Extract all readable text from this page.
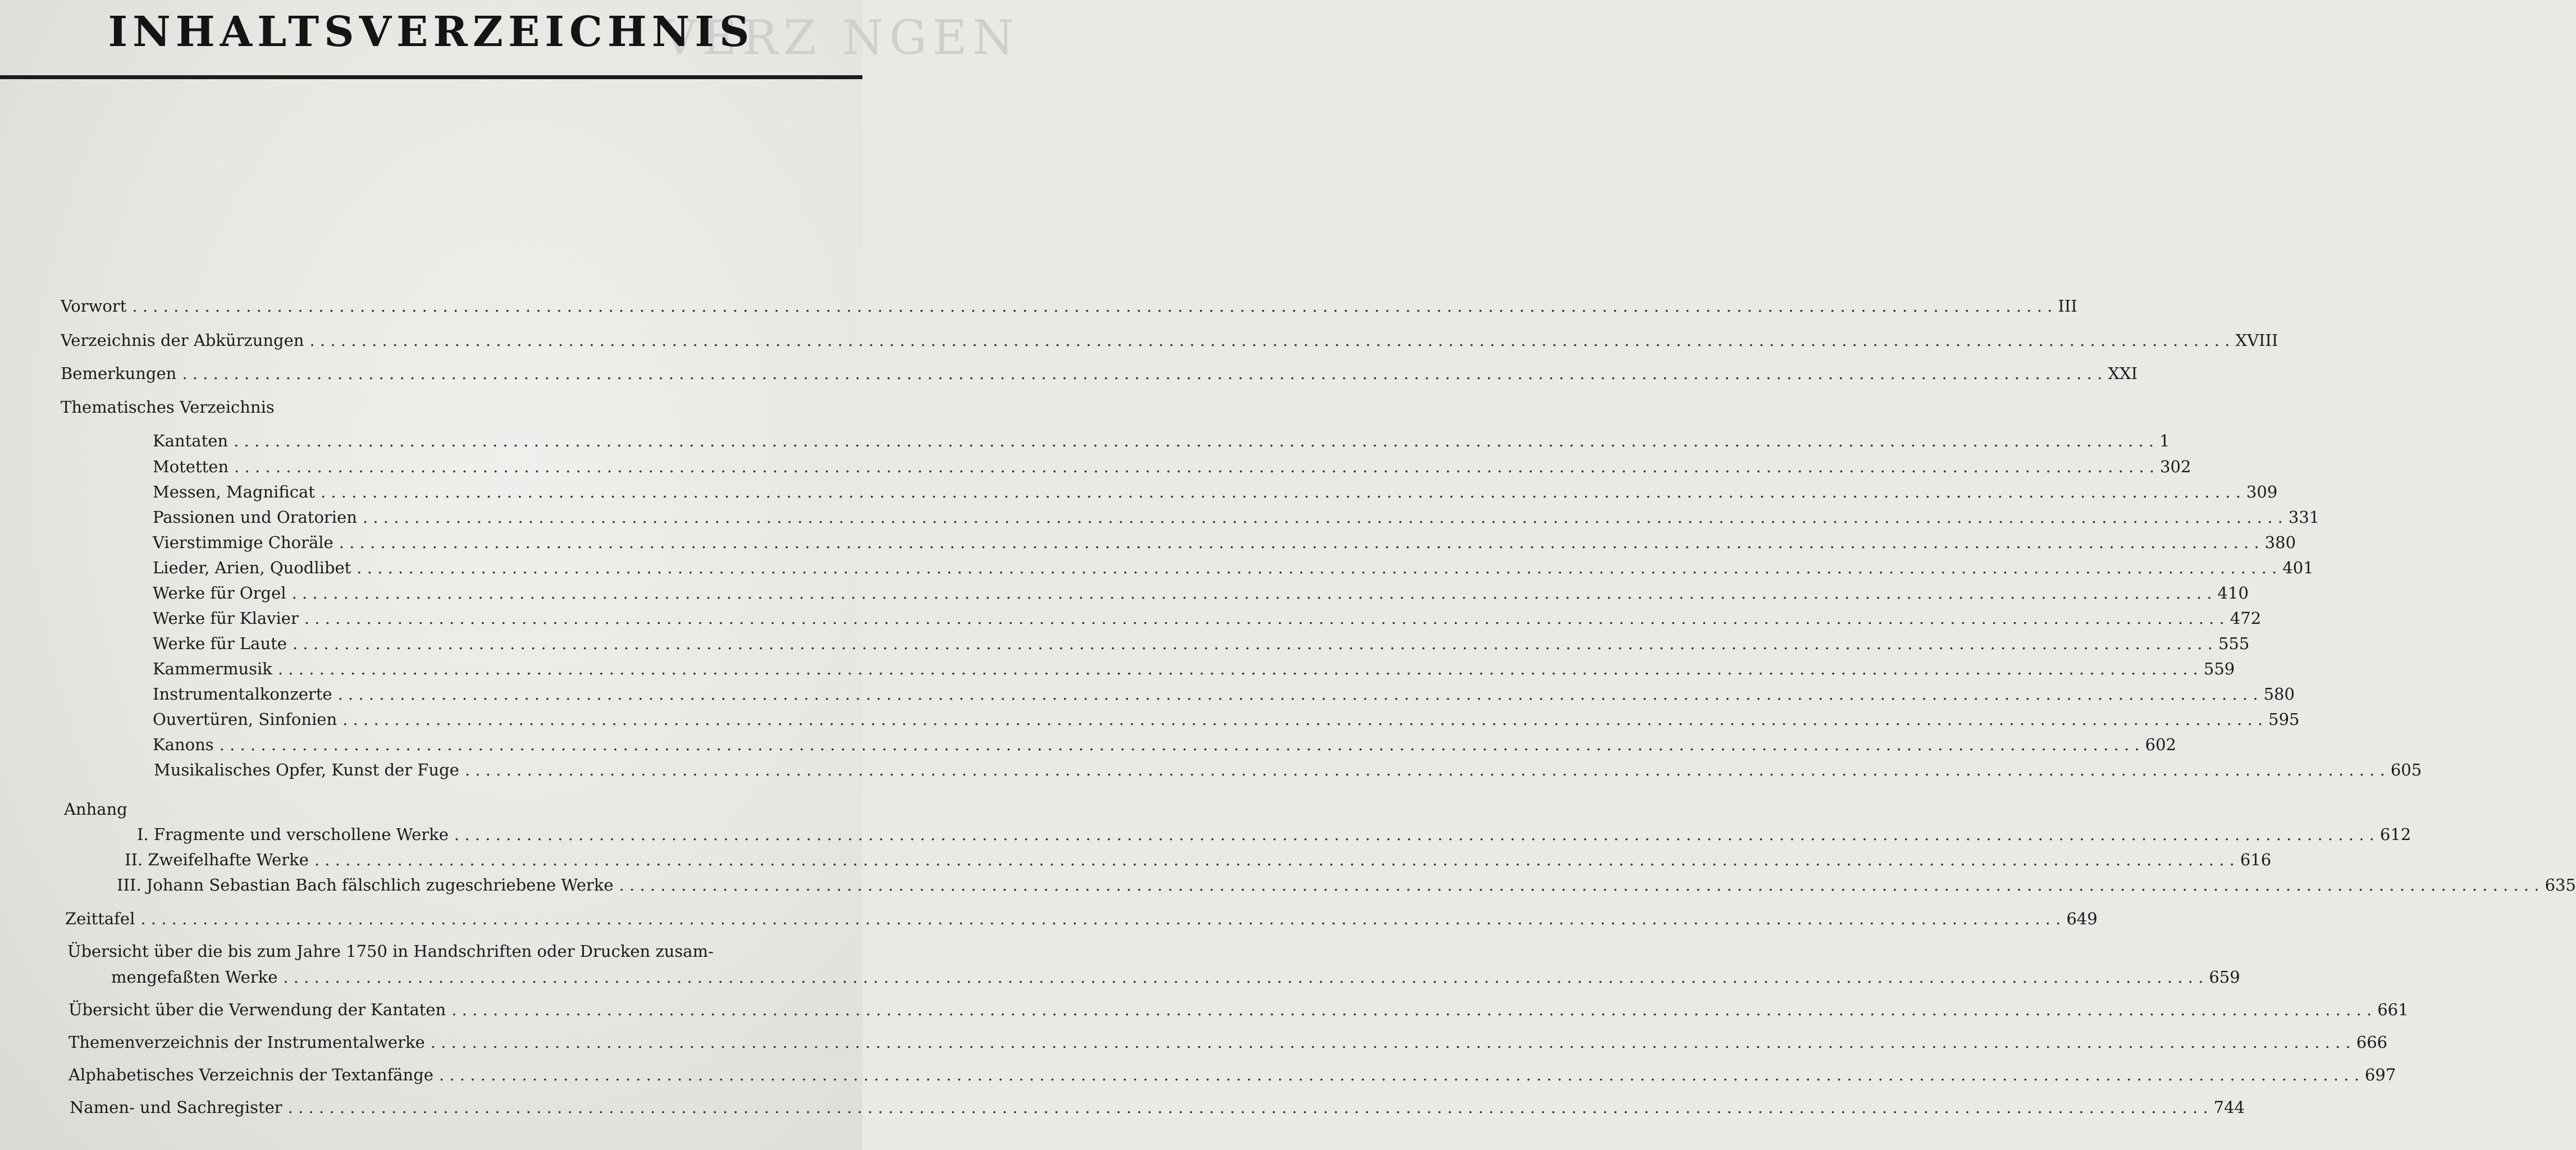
VERZ NGEN
INHALTSVERZEICHNIS
Vorwort . . .	III
Verzeichnis der Abkürzungen . . .	XVIII
Bemerkungen . . .	XXI
Thematisches Verzeichnis
Kantaten . . .	1
Motetten . . .	302
Messen, Magnificat . . .	309
Passionen und Oratorien . . .	331
Vierstimmige Choräle . . .	380
Lieder, Arien, Quodlibet . . .	401
Werke für Orgel . . .	410
Werke für Klavier . . .	472
Werke für Laute . . .	555
Kammermusik . . .	559
Instrumentalkonzerte . . .	580
Ouvertüren, Sinfonien . . .	595
Kanons . . .	602
Musikalisches Opfer, Kunst der Fuge . . .	605
Anhang
I. Fragmente und verschollene Werke . . .	612
II. Zweifelhafte Werke . . .	616
III. Johann Sebastian Bach fälschlich zugeschriebene Werke . . .	635
Zeittafel . . .	649
Übersicht über die bis zum Jahre 1750 in Handschriften oder Drucken zusam-
mengefaßten Werke . . .	659
Übersicht über die Verwendung der Kantaten . . .	661
Themenverzeichnis der Instrumentalwerke . . .	666
Alphabetisches Verzeichnis der Textanfänge . . .	697
Namen- und Sachregister . . .	744
